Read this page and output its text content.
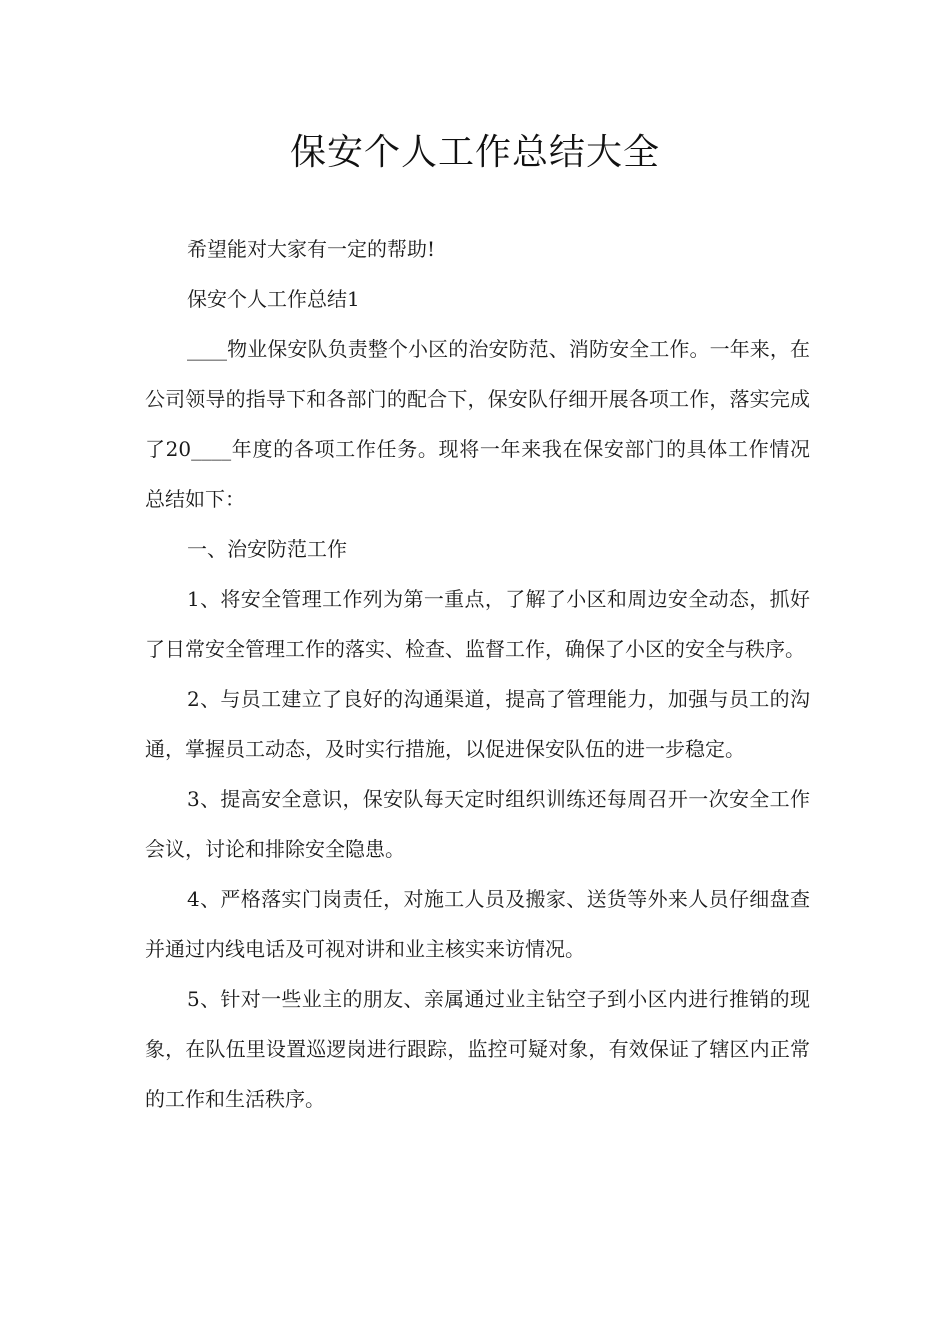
保安个人工作总结大全

希望能对大家有一定的帮助!

保安个人工作总结1

____物业保安队负责整个小区的治安防范、消防安全工作。一年来，在公司领导的指导下和各部门的配合下，保安队仔细开展各项工作，落实完成了20____年度的各项工作任务。现将一年来我在保安部门的具体工作情况总结如下：

一、治安防范工作

1、将安全管理工作列为第一重点，了解了小区和周边安全动态，抓好了日常安全管理工作的落实、检查、监督工作，确保了小区的安全与秩序。

2、与员工建立了良好的沟通渠道，提高了管理能力，加强与员工的沟通，掌握员工动态，及时实行措施，以促进保安队伍的进一步稳定。

3、提高安全意识，保安队每天定时组织训练还每周召开一次安全工作会议，讨论和排除安全隐患。

4、严格落实门岗责任，对施工人员及搬家、送货等外来人员仔细盘查并通过内线电话及可视对讲和业主核实来访情况。

5、针对一些业主的朋友、亲属通过业主钻空子到小区内进行推销的现象，在队伍里设置巡逻岗进行跟踪，监控可疑对象，有效保证了辖区内正常的工作和生活秩序。
